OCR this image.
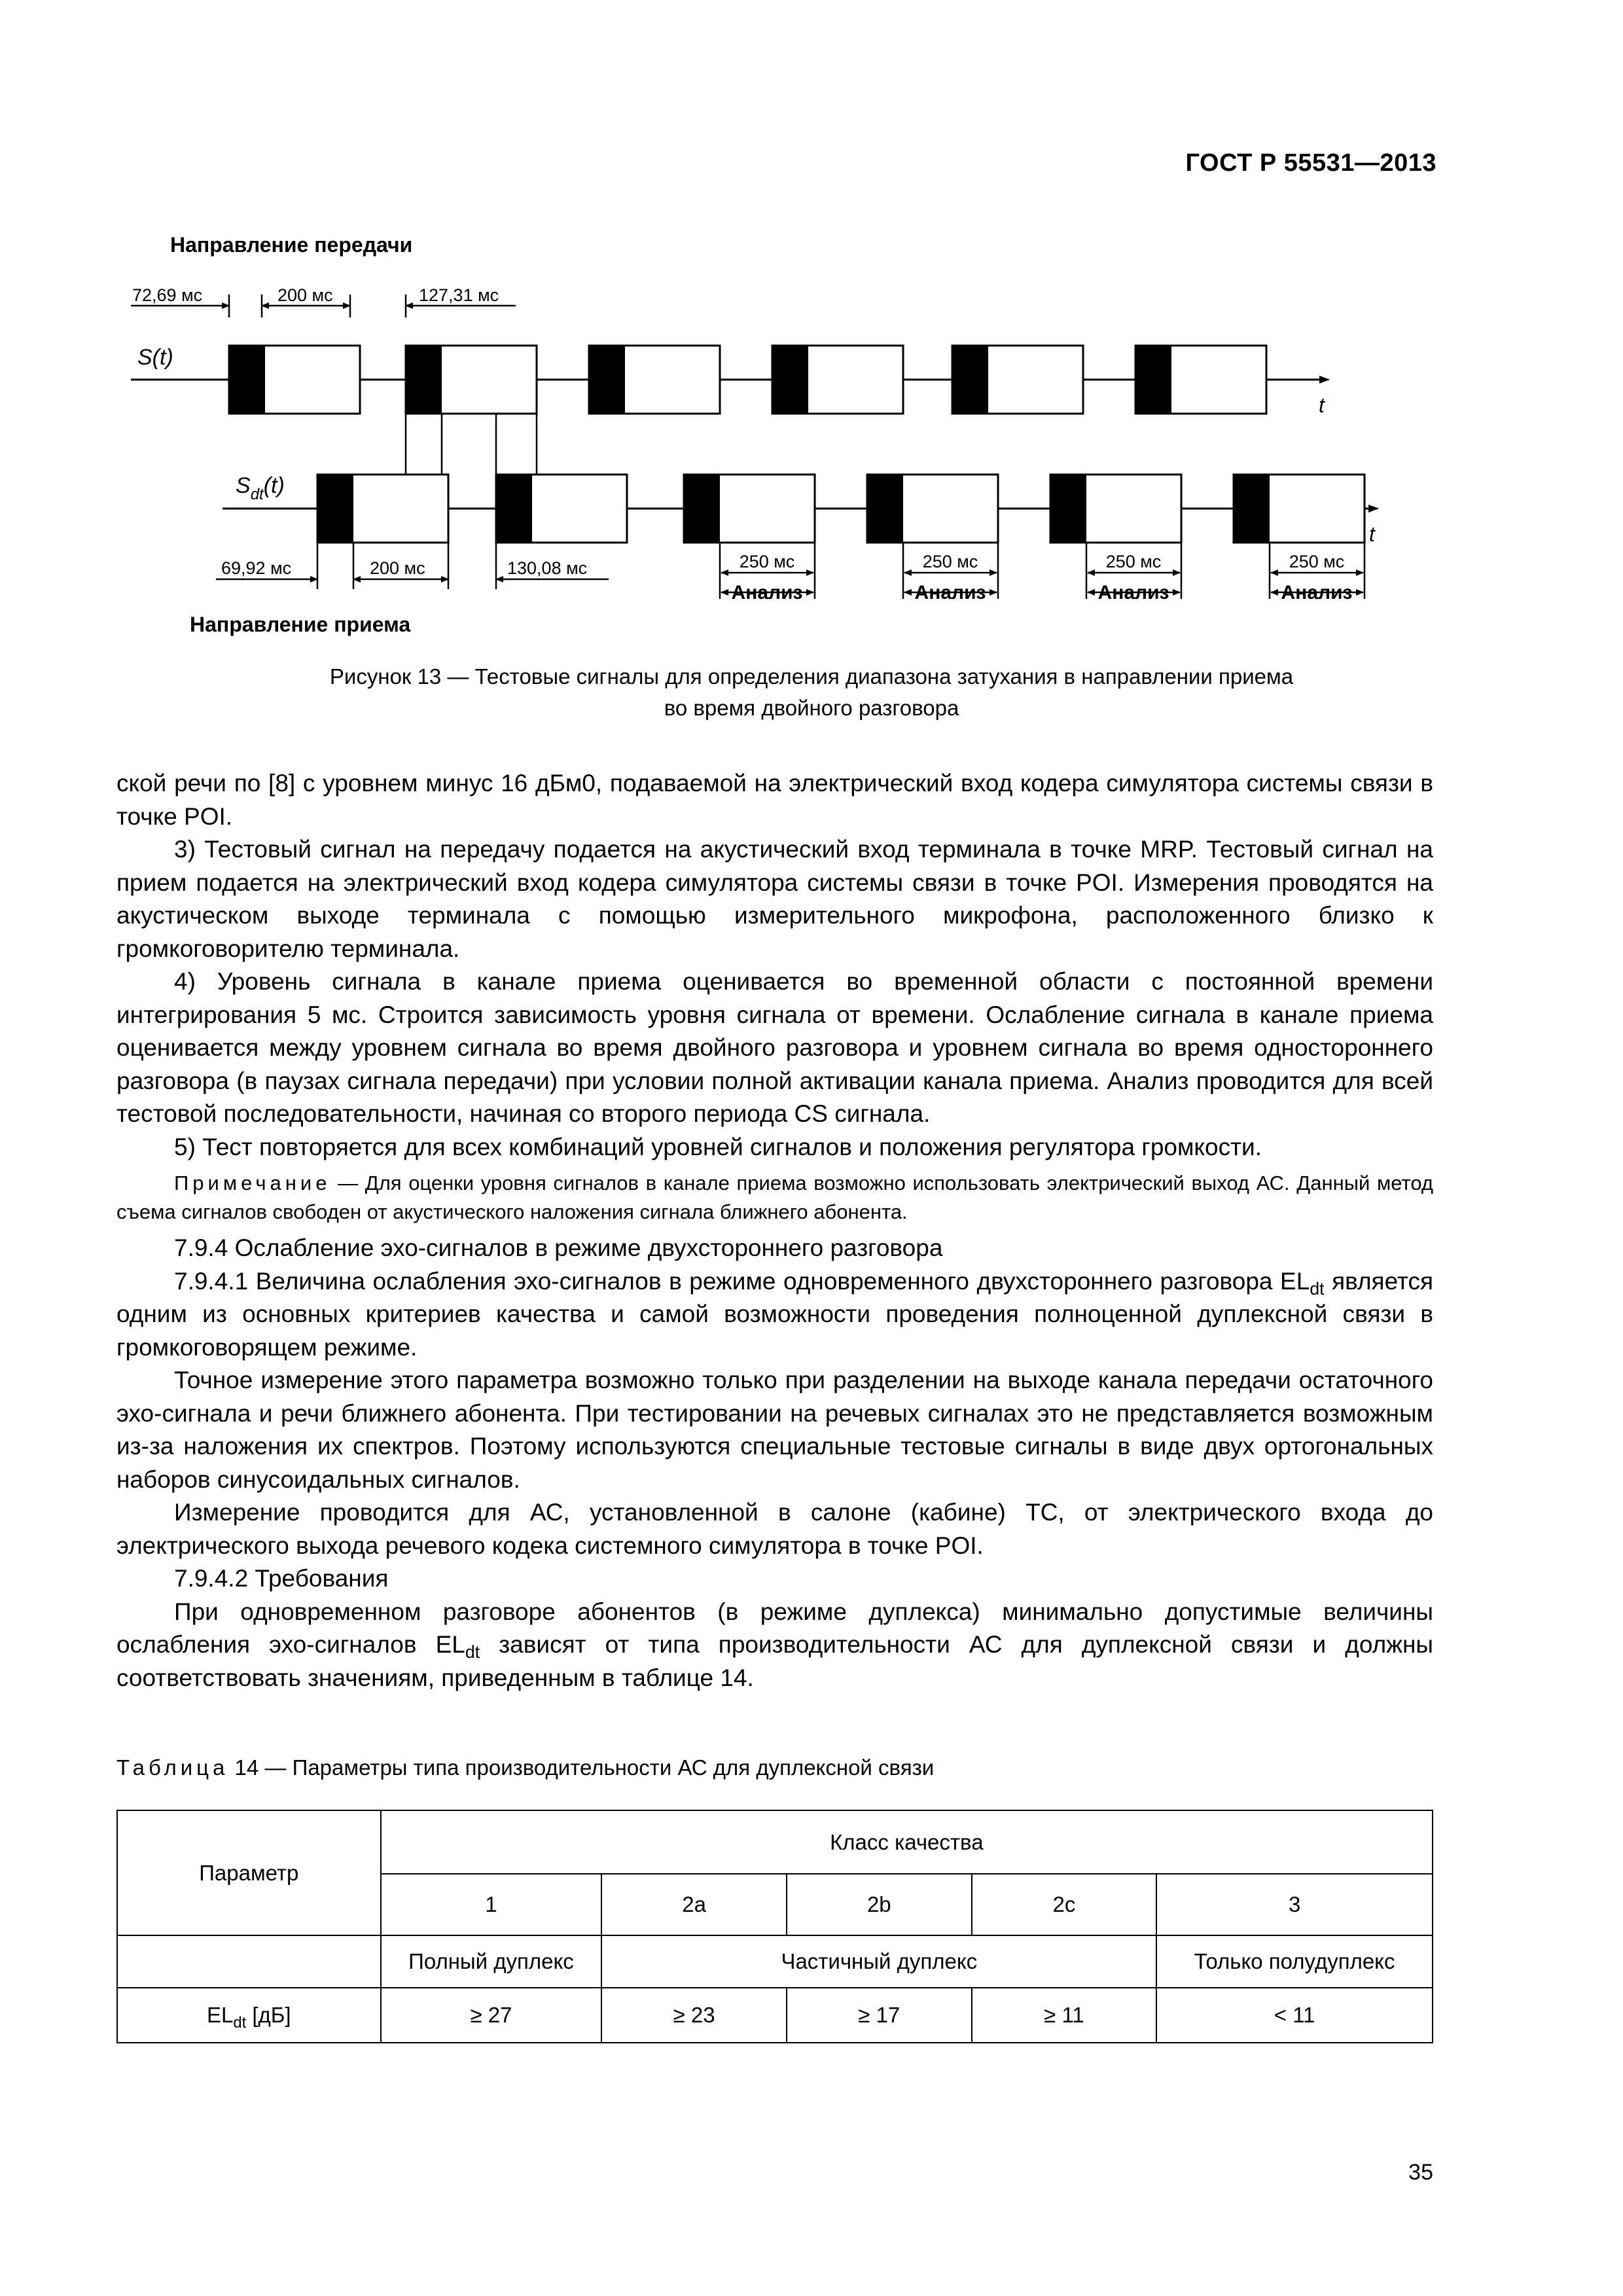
ГОСТ Р 55531—2013
Направление передачи
72,69 мс	200 мс	127,31 мс
S(t)
t
$S_{dt}(t)$
t
69,92 мс	200 мс	130,08 мс	250 мс
Анализ
250 мс
Анализ
250 мс
Анализ
250 мс
Анализ
Направление приема
Рисунок 13 — Тестовые сигналы для определения диапазона затухания в направлении приема
во время двойного разговора

ской речи по [8] с уровнем минус 16 дБм0, подаваемой на электрический вход кодера симулятора системы связи в точке POI.

3) Тестовый сигнал на передачу подается на акустический вход терминала в точке MRP. Тестовый сигнал на прием подается на электрический вход кодера симулятора системы связи в точке POI. Измерения проводятся на акустическом выходе терминала с помощью измерительного микрофона, расположенного близко к громкоговорителю терминала.

4) Уровень сигнала в канале приема оценивается во временной области с постоянной времени интегрирования 5 мс. Строится зависимость уровня сигнала от времени. Ослабление сигнала в канале приема оценивается между уровнем сигнала во время двойного разговора и уровнем сигнала во время одностороннего разговора (в паузах сигнала передачи) при условии полной активации канала приема. Анализ проводится для всей тестовой последовательности, начиная со второго периода CS сигнала.

5) Тест повторяется для всех комбинаций уровней сигналов и положения регулятора громкости.

Примечание — Для оценки уровня сигналов в канале приема возможно использовать электрический выход АС. Данный метод съема сигналов свободен от акустического наложения сигнала ближнего абонента.

7.9.4 Ослабление эхо-сигналов в режиме двухстороннего разговора

7.9.4.1 Величина ослабления эхо-сигналов в режиме одновременного двухстороннего разговора $EL_{dt}$ является одним из основных критериев качества и самой возможности проведения полноценной дуплексной связи в громкоговорящем режиме.

Точное измерение этого параметра возможно только при разделении на выходе канала передачи остаточного эхо-сигнала и речи ближнего абонента. При тестировании на речевых сигналах это не представляется возможным из-за наложения их спектров. Поэтому используются специальные тестовые сигналы в виде двух ортогональных наборов синусоидальных сигналов.

Измерение проводится для АС, установленной в салоне (кабине) ТС, от электрического входа до электрического выхода речевого кодека системного симулятора в точке POI.

7.9.4.2 Требования

При одновременном разговоре абонентов (в режиме дуплекса) минимально допустимые величины ослабления эхо-сигналов $EL_{dt}$ зависят от типа производительности АС для дуплексной связи и должны соответствовать значениям, приведенным в таблице 14.

Таблица 14 — Параметры типа производительности АС для дуплексной связи
Параметр	Класс качества				
	1	2a	2b	2c	3
	Полный дуплекс	Частичный дуплекс			Только полудуплекс
$EL_{dt}$ [дБ]	≥ 27	≥ 23	≥ 17	≥ 11	< 11
35
